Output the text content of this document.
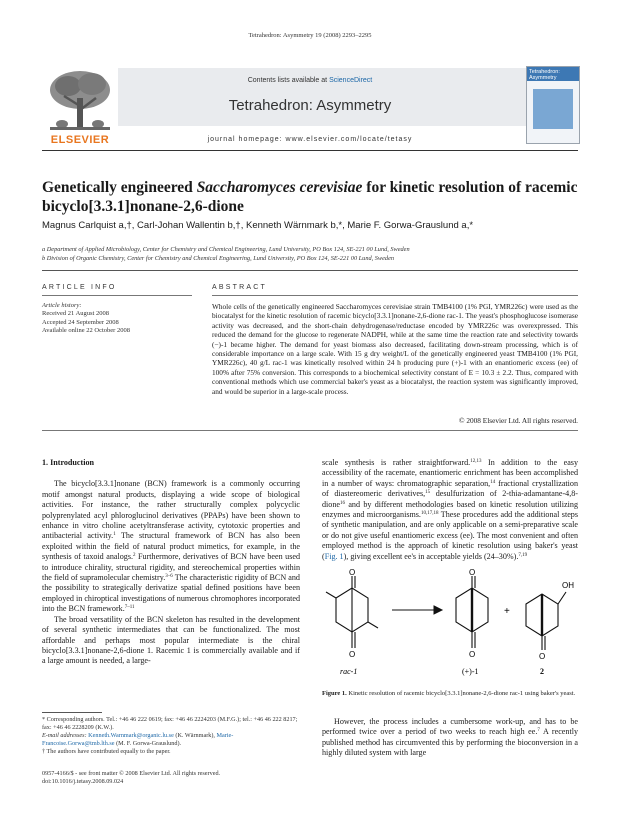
Tetrahedron: Asymmetry 19 (2008) 2293–2295
ELSEVIER
Contents lists available at ScienceDirect
Tetrahedron: Asymmetry
journal homepage: www.elsevier.com/locate/tetasy
Tetrahedron: Asymmetry
Genetically engineered Saccharomyces cerevisiae for kinetic resolution of racemic bicyclo[3.3.1]nonane-2,6-dione
Magnus Carlquist a,†, Carl-Johan Wallentin b,†, Kenneth Wärnmark b,*, Marie F. Gorwa-Grauslund a,*
a Department of Applied Microbiology, Center for Chemistry and Chemical Engineering, Lund University, PO Box 124, SE-221 00 Lund, Sweden
b Division of Organic Chemistry, Center for Chemistry and Chemical Engineering, Lund University, PO Box 124, SE-221 00 Lund, Sweden
ARTICLE INFO	ABSTRACT
Article history:
Received 21 August 2008
Accepted 24 September 2008
Available online 22 October 2008
Whole cells of the genetically engineered Saccharomyces cerevisiae strain TMB4100 (1% PGI, YMR226c) were used as the biocatalyst for the kinetic resolution of racemic bicyclo[3.3.1]nonane-2,6-dione rac-1. The yeast's phosphoglucose isomerase activity was decreased, and the short-chain dehydrogenase/reductase encoded by YMR226c was overexpressed. This reduced the demand for the glucose to regenerate NADPH, while at the same time the reaction rate and selectivity towards (−)-1 became higher. The demand for yeast biomass also decreased, facilitating down-stream processing, which is of considerable importance on a large scale. With 15 g dry weight/L of the genetically engineered yeast TMB4100 (1% PGI, YMR226c), 40 g/L rac-1 was kinetically resolved within 24 h producing pure (+)-1 with an enantiomeric excess (ee) of 100% after 75% conversion. This corresponds to a biochemical selectivity constant of E = 10.3 ± 2.2. Thus, compared with conventional methods which use commercial baker's yeast as a biocatalyst, the reaction system was significantly improved, and would be superior in a large-scale process.
© 2008 Elsevier Ltd. All rights reserved.
1. Introduction

The bicyclo[3.3.1]nonane (BCN) framework is a commonly occurring motif amongst natural products, displaying a wide scope of biological activities. For instance, the rather structurally complex polycyclic polyprenylated acyl phloroglucinol derivatives (PPAPs) have been shown to enhance in vitro choline acetyltransferase activity, cytotoxic properties and antibacterial activity.$^1$ The structural framework of BCN has also been exploited within the field of natural product mimetics, for example, in the synthesis of taxoid analogs.$^2$ Furthermore, derivatives of BCN have been used to introduce chirality, structural rigidity, and stereochemical properties within the field of supramolecular chemistry.$^{3-6}$ The characteristic rigidity of BCN and the possibility to strategically derivatize spatial defined positions have been employed in chiroptical investigations of numerous chromophores incorporated into the BCN framework.$^{7-11}$

The broad versatility of the BCN skeleton has resulted in the development of several synthetic intermediates that can be functionalized. The most affordable and perhaps most popular intermediate is the chiral bicyclo[3.3.1]nonane-2,6-dione 1. Racemic 1 is commercially available and if a large amount is needed, a large-

scale synthesis is rather straightforward.$^{12,13}$ In addition to the easy accessibility of the racemate, enantiomeric enrichment has been accomplished in a number of ways: chromatographic separation,$^{14}$ fractional crystallization of diastereomeric derivatives,$^{15}$ desulfurization of 2-thia-adamantane-4,8-dione$^{16}$ and by different methodologies based on kinetic resolution utilizing enzymes and microorganisms.$^{10,17,18}$ These procedures add the additional steps of synthetic manipulation, and are only applicable on a semi-preparative scale or do not give useful enantiomeric excess (ee). The most convenient and often employed method is the approach of kinetic resolution using baker's yeast (Fig. 1), giving excellent ee's in acceptable yields (24–30%).$^{7,19}$

O
O
rac-1
O
O
(+)-1
+
OH
O
2
Figure 1. Kinetic resolution of racemic bicyclo[3.3.1]nonane-2,6-dione rac-1 using baker's yeast.
* Corresponding authors. Tel.: +46 46 222 0619; fax: +46 46 2224203 (M.F.G.); tel.: +46 46 222 8217; fax: +46 46 2228209 (K.W.).
E-mail addresses: Kenneth.Warnmark@organic.lu.se (K. Wärnmark), Marie-Francoise.Gorwa@tmb.lth.se (M. F. Gorwa-Grauslund).
† The authors have contributed equally to the paper.
0957-4166/$ - see front matter © 2008 Elsevier Ltd. All rights reserved.
doi:10.1016/j.tetasy.2008.09.024

However, the process includes a cumbersome work-up, and has to be performed twice over a period of two weeks to reach high ee.$^7$ A recently published method has circumvented this by performing the bioconversion in a highly diluted system with large
